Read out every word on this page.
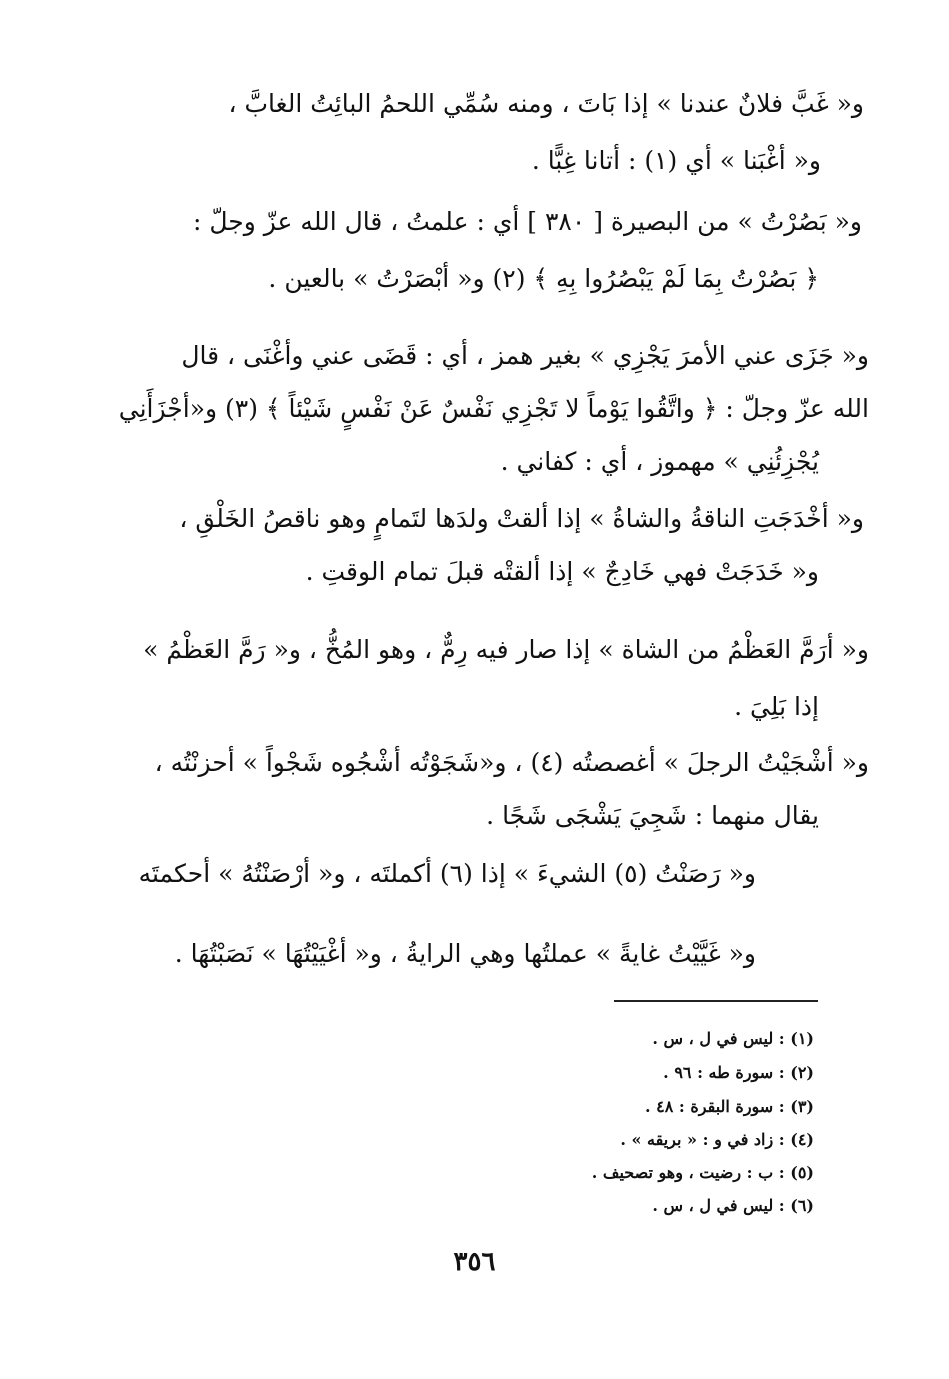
و« غَبَّ فلانٌ عندنا » إذا بَاتَ ، ومنه سُمِّي اللحمُ البائِتُ الغابَّ ،
و« أغْبَنا » أي (١) : أتانا غِبًّا .
و« بَصُرْتُ » من البصيرة [ ٣٨٠ ] أي : علمتُ ، قال الله عزّ وجلّ :
﴿ بَصُرْتُ بِمَا لَمْ يَبْصُرُوا بِهِ ﴾ (٢) و« أبْصَرْتُ » بالعين .
و« جَزَى عني الأمرَ يَجْزِي » بغير همز ، أي : قَضَى عني وأغْنَى ، قال
الله عزّ وجلّ : ﴿ واتَّقُوا يَوْماً لا تَجْزِي نَفْسٌ عَنْ نَفْسٍ شَيْئاً ﴾ (٣) و«أجْزَأَنِي
يُجْزِئُنِي » مهموز ، أي : كفاني .
و« أخْدَجَتِ الناقةُ والشاةُ » إذا ألقتْ ولدَها لتَمامٍ وهو ناقصُ الخَلْقِ ،
و« خَدَجَتْ فهي خَادِجٌ » إذا ألقتْه قبلَ تمام الوقتِ .
و« أرَمَّ العَظْمُ من الشاة » إذا صار فيه رِمٌّ ، وهو المُخُّ ، و« رَمَّ العَظْمُ »
إذا بَلِيَ .
و« أشْجَيْتُ الرجلَ » أغصصتُه (٤) ، و«شَجَوْتُه أشْجُوه شَجْواً » أحزنْتُه ،
يقال منهما : شَجِيَ يَشْجَى شَجًا .
و« رَصَنْتُ (٥) الشيءَ » إذا (٦) أكملتَه ، و« أرْصَنْتُهُ » أحكمتَه
و« غَيَّيْتُ غايةً » عملتُها وهي الرايةُ ، و« أغْيَيْتُهَا » نَصَبْتُهَا .
(١) : ليس في ل ، س .
(٢) : سورة طه : ٩٦ .
(٣) : سورة البقرة : ٤٨ .
(٤) : زاد في و : « بريقه » .
(٥) : ب : رضيت ، وهو تصحيف .
(٦) : ليس في ل ، س .
٣٥٦
